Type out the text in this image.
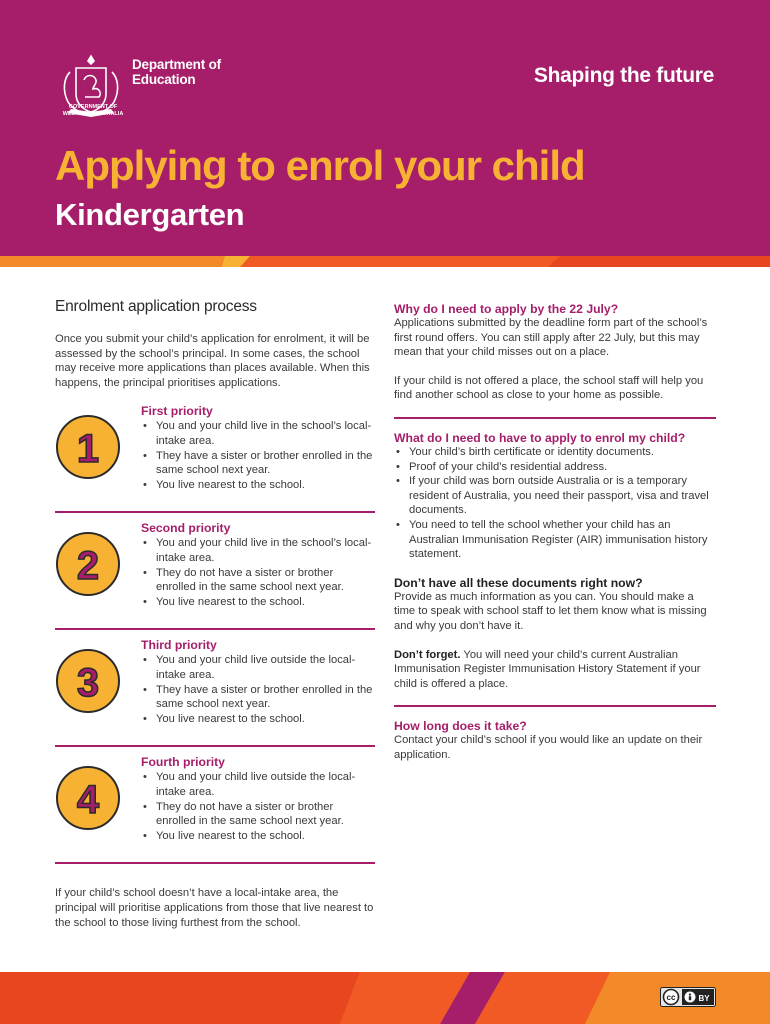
Department of
Education
GOVERNMENT OF
WESTERN AUSTRALIA
Shaping the future
Applying to enrol your child
Kindergarten
Enrolment application process
Once you submit your child’s application for enrolment, it will be assessed by the school’s principal. In some cases, the school may receive more applications than places available. When this happens, the principal prioritises applications.
1
First priority
• You and your child live in the school’s local-intake area.
• They have a sister or brother enrolled in the same school next year.
• You live nearest to the school.
2
Second priority
• You and your child live in the school’s local-intake area.
• They do not have a sister or brother enrolled in the same school next year.
• You live nearest to the school.
3
Third priority
• You and your child live outside the local-intake area.
• They have a sister or brother enrolled in the same school next year.
• You live nearest to the school.
4
Fourth priority
• You and your child live outside the local-intake area.
• They do not have a sister or brother enrolled in the same school next year.
• You live nearest to the school.
If your child’s school doesn’t have a local-intake area, the principal will prioritise applications from those that live nearest to the school to those living furthest from the school.
Why do I need to apply by the 22 July?
Applications submitted by the deadline form part of the school’s first round offers. You can still apply after 22 July, but this may mean that your child misses out on a place.
If your child is not offered a place, the school staff will help you find another school as close to your home as possible.
What do I need to have to apply to enrol my child?
• Your child’s birth certificate or identity documents.
• Proof of your child’s residential address.
• If your child was born outside Australia or is a temporary resident of Australia, you need their passport, visa and travel documents.
• You need to tell the school whether your child has an Australian Immunisation Register (AIR) immunisation history statement.
Don’t have all these documents right now?
Provide as much information as you can. You should make a time to speak with school staff to let them know what is missing and why you don’t have it.
Don’t forget. You will need your child’s current Australian Immunisation Register Immunisation History Statement if your child is offered a place.
How long does it take?
Contact your child’s school if you would like an update on their application.
cc	BY
